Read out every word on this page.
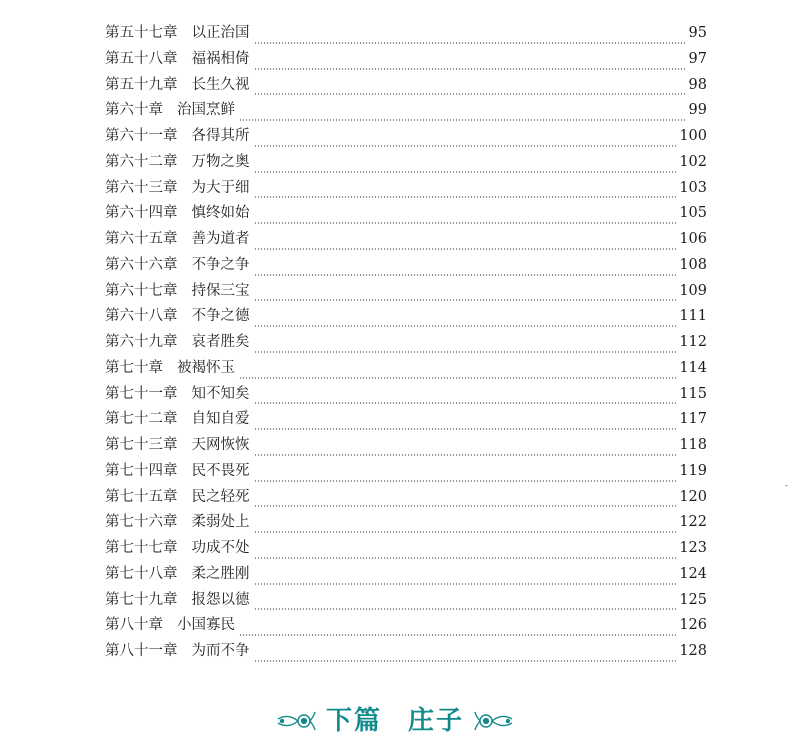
第五十七章 以正治国	95
第五十八章 福祸相倚	97
第五十九章 长生久视	98
第六十章 治国烹鲜	99
第六十一章 各得其所	100
第六十二章 万物之奥	102
第六十三章 为大于细	103
第六十四章 慎终如始	105
第六十五章 善为道者	106
第六十六章 不争之争	108
第六十七章 持保三宝	109
第六十八章 不争之德	111
第六十九章 哀者胜矣	112
第七十章 被褐怀玉	114
第七十一章 知不知矣	115
第七十二章 自知自爱	117
第七十三章 天网恢恢	118
第七十四章 民不畏死	119
第七十五章 民之轻死	120
第七十六章 柔弱处上	122
第七十七章 功成不处	123
第七十八章 柔之胜刚	124
第七十九章 报怨以德	125
第八十章 小国寡民	126
第八十一章 为而不争	128
-
下篇 庄子
